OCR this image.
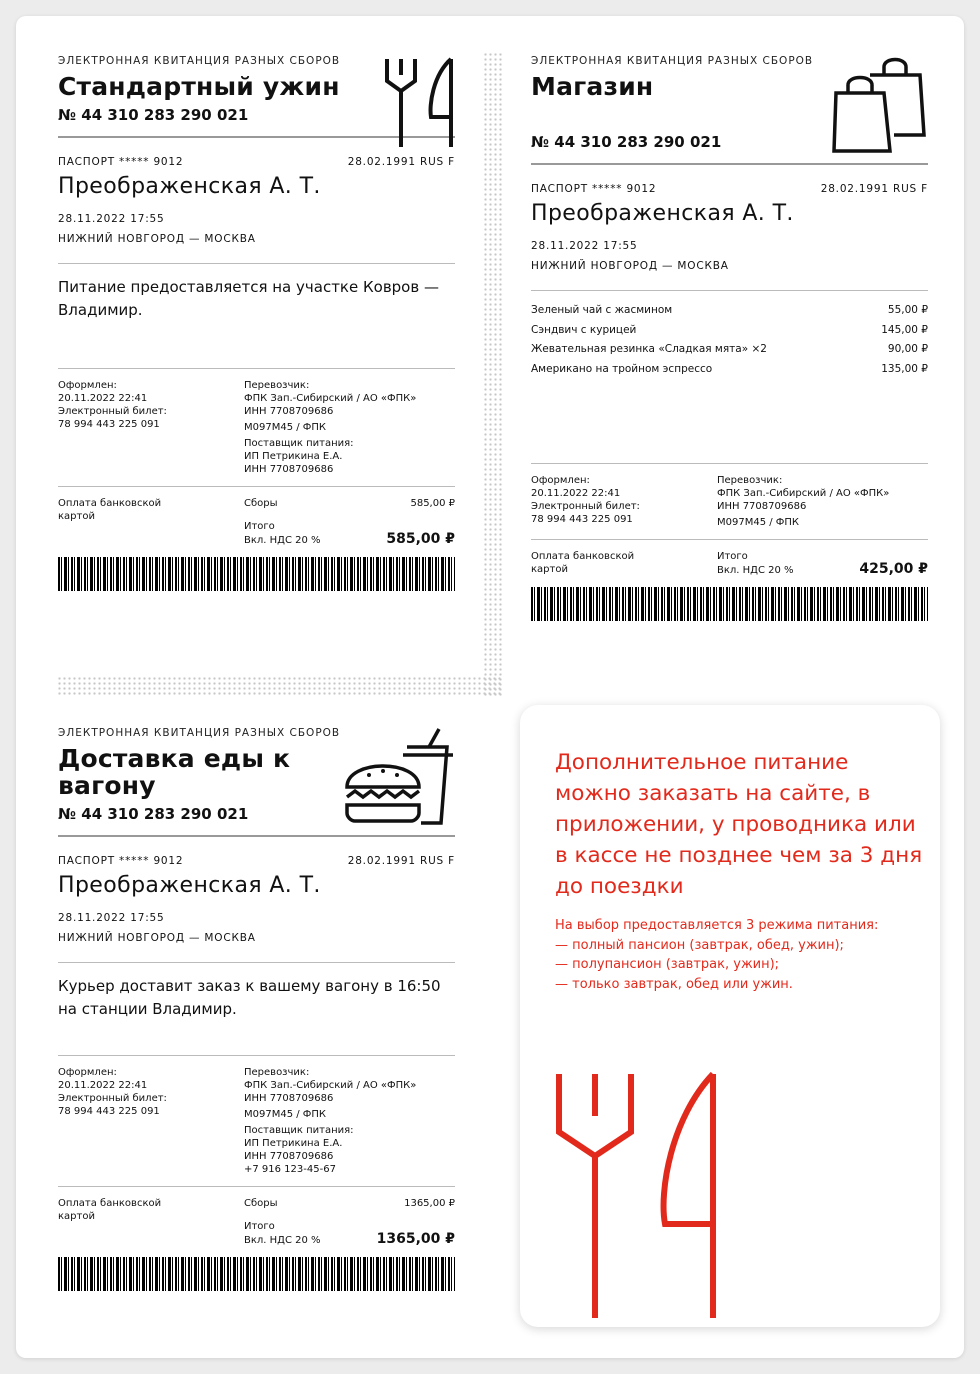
ЭЛЕКТРОННАЯ КВИТАНЦИЯ РАЗНЫХ СБОРОВ
Стандартный ужин
№ 44 310 283 290 021
ПАСПОРТ ***** 9012	28.02.1991 RUS F
Преображенская А. Т.
28.11.2022 17:55
НИЖНИЙ НОВГОРОД — МОСКВА
Питание предоставляется на участке Ковров — Владимир.
Оформлен:
20.11.2022 22:41
Электронный билет:
78 994 443 225 091
Перевозчик:
ФПК Зап.-Сибирский / АО «ФПК»
ИНН 7708709686
М097М45 / ФПК
Поставщик питания:
ИП Петрикина Е.А.
ИНН 7708709686
Оплата банковской картой
Сборы	585,00 ₽
Итого
Вкл. НДС 20 %	585,00 ₽
ЭЛЕКТРОННАЯ КВИТАНЦИЯ РАЗНЫХ СБОРОВ
Магазин
№ 44 310 283 290 021
ПАСПОРТ ***** 9012	28.02.1991 RUS F
Преображенская А. Т.
28.11.2022 17:55
НИЖНИЙ НОВГОРОД — МОСКВА
Зеленый чай с жасмином	55,00 ₽
Сэндвич с курицей	145,00 ₽
Жевательная резинка «Сладкая мята» ×2	90,00 ₽
Американо на тройном эспрессо	135,00 ₽
Оформлен:
20.11.2022 22:41
Электронный билет:
78 994 443 225 091
Перевозчик:
ФПК Зап.-Сибирский / АО «ФПК»
ИНН 7708709686
М097М45 / ФПК
Оплата банковской картой
Итого
Вкл. НДС 20 %	425,00 ₽
ЭЛЕКТРОННАЯ КВИТАНЦИЯ РАЗНЫХ СБОРОВ
Доставка еды к вагону
№ 44 310 283 290 021
ПАСПОРТ ***** 9012	28.02.1991 RUS F
Преображенская А. Т.
28.11.2022 17:55
НИЖНИЙ НОВГОРОД — МОСКВА
Курьер доставит заказ к вашему вагону в 16:50 на станции Владимир.
Оформлен:
20.11.2022 22:41
Электронный билет:
78 994 443 225 091
Перевозчик:
ФПК Зап.-Сибирский / АО «ФПК»
ИНН 7708709686
М097М45 / ФПК
Поставщик питания:
ИП Петрикина Е.А.
ИНН 7708709686
+7 916 123-45-67
Оплата банковской картой
Сборы	1365,00 ₽
Итого
Вкл. НДС 20 %	1365,00 ₽
Дополнительное питание можно заказать на сайте, в приложении, у проводника или в кассе не позднее чем за 3 дня до поездки
На выбор предоставляется 3 режима питания:
— полный пансион (завтрак, обед, ужин);
— полупансион (завтрак, ужин);
— только завтрак, обед или ужин.
